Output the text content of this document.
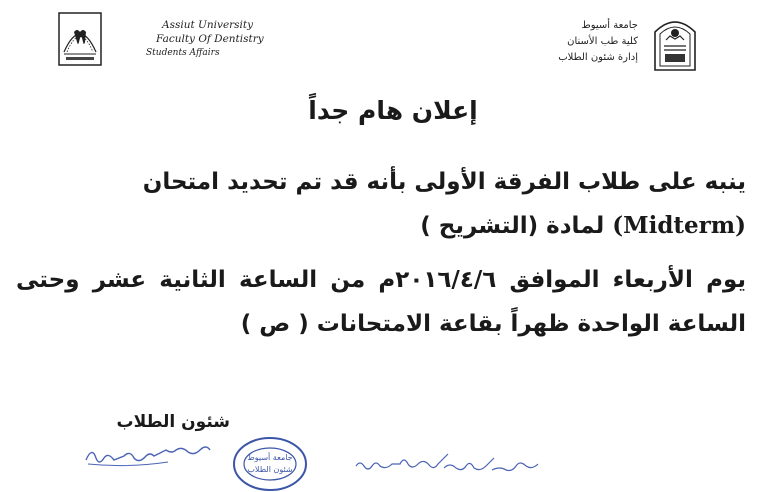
Assiut University
Faculty Of Dentistry
Students Affairs
جامعة أسيوط
كلية طب الأسنان
إدارة شئون الطلاب
إعلان هام جداً
ينبه على طلاب الفرقة الأولى بأنه قد تم تحديد امتحان (Midterm) لمادة (التشريح )
يوم الأربعاء الموافق ٢٠١٦/٤/٦م من الساعة الثانية عشر وحتى الساعة الواحدة ظهراً بقاعة الامتحانات ( ص )
شئون الطلاب
جامعة أسيوط
شئون الطلاب
